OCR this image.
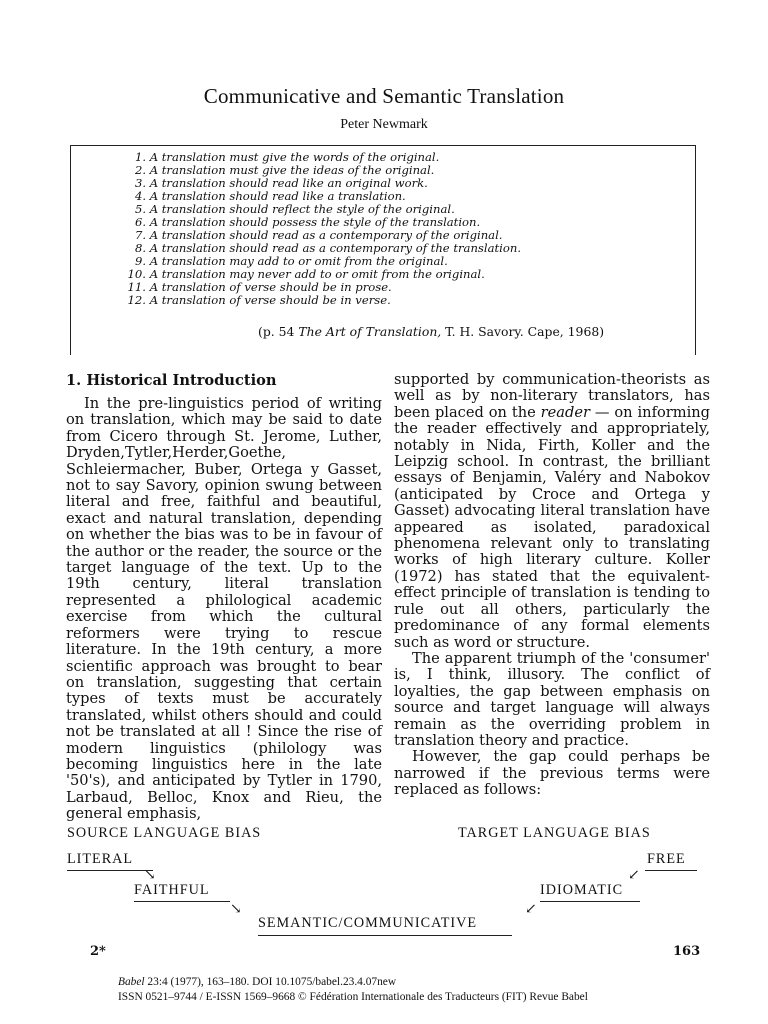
Communicative and Semantic Translation
Peter Newmark
1. A translation must give the words of the original.
2. A translation must give the ideas of the original.
3. A translation should read like an original work.
4. A translation should read like a translation.
5. A translation should reflect the style of the original.
6. A translation should possess the style of the translation.
7. A translation should read as a contemporary of the original.
8. A translation should read as a contemporary of the translation.
9. A translation may add to or omit from the original.
10. A translation may never add to or omit from the original.
11. A translation of verse should be in prose.
12. A translation of verse should be in verse.
(p. 54 The Art of Translation, T. H. Savory. Cape, 1968)
1. Historical Introduction

In the pre-linguistics period of writing on translation, which may be said to date from Cicero through St. Jerome, Luther, Dryden,Tytler,Herder,Goethe, Schleiermacher, Buber, Ortega y Gasset, not to say Savory, opinion swung between literal and free, faithful and beautiful, exact and natural translation, depending on whether the bias was to be in favour of the author or the reader, the source or the target language of the text. Up to the 19th century, literal translation represented a philological academic exercise from which the cultural reformers were trying to rescue literature. In the 19th century, a more scientific approach was brought to bear on translation, suggesting that certain types of texts must be accurately translated, whilst others should and could not be translated at all ! Since the rise of modern linguistics (philology was becoming linguistics here in the late '50's), and anticipated by Tytler in 1790, Larbaud, Belloc, Knox and Rieu, the general emphasis,

supported by communication-theorists as well as by non-literary translators, has been placed on the reader — on informing the reader effectively and appropriately, notably in Nida, Firth, Koller and the Leipzig school. In contrast, the brilliant essays of Benjamin, Valéry and Nabokov (anticipated by Croce and Ortega y Gasset) advocating literal translation have appeared as isolated, paradoxical phenomena relevant only to translating works of high literary culture. Koller (1972) has stated that the equivalent-effect principle of translation is tending to rule out all others, particularly the predominance of any formal elements such as word or structure.

The apparent triumph of the 'consumer' is, I think, illusory. The conflict of loyalties, the gap between emphasis on source and target language will always remain as the overriding problem in translation theory and practice.

However, the gap could perhaps be narrowed if the previous terms were replaced as follows:

SOURCE LANGUAGE BIAS	TARGET LANGUAGE BIAS
LITERAL	FREE
↘	↙
FAITHFUL	IDIOMATIC
↘	↙
SEMANTIC/COMMUNICATIVE
2*	163
Babel 23:4 (1977), 163–180. DOI 10.1075/babel.23.4.07new
ISSN 0521–9744 / E-ISSN 1569–9668 © Fédération Internationale des Traducteurs (FIT) Revue Babel
